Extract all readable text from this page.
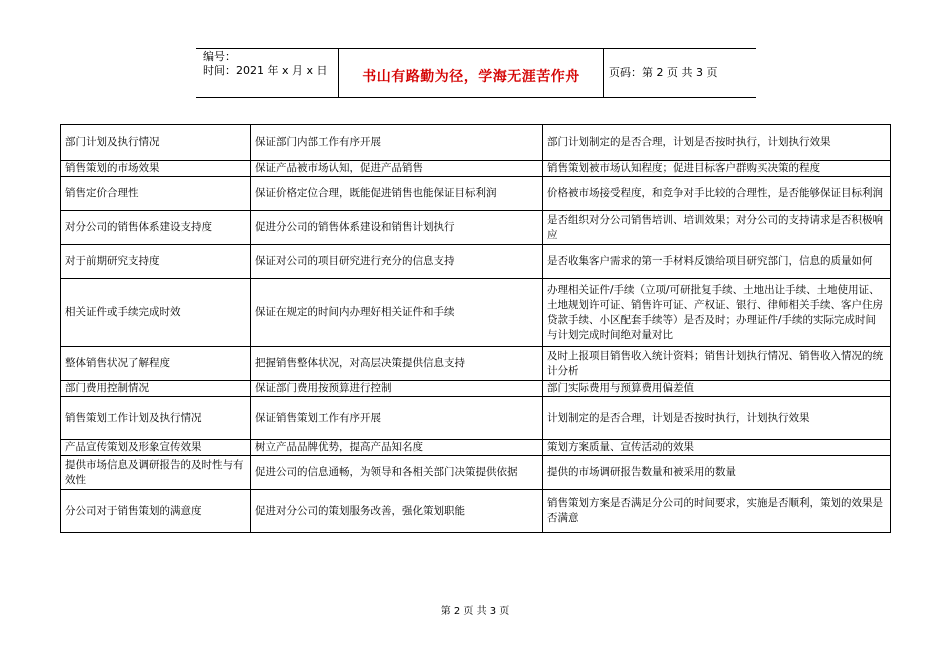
编号：
时间：2021 年 x 月 x 日	书山有路勤为径，学海无涯苦作舟	页码：第 2 页 共 3 页
部门计划及执行情况	保证部门内部工作有序开展	部门计划制定的是否合理，计划是否按时执行，计划执行效果
销售策划的市场效果	保证产品被市场认知，促进产品销售	销售策划被市场认知程度；促进目标客户群购买决策的程度
销售定价合理性	保证价格定位合理，既能促进销售也能保证目标利润	价格被市场接受程度，和竞争对手比较的合理性，是否能够保证目标利润
对分公司的销售体系建设支持度	促进分公司的销售体系建设和销售计划执行	是否组织对分公司销售培训、培训效果；对分公司的支持请求是否积极响应
对于前期研究支持度	保证对公司的项目研究进行充分的信息支持	是否收集客户需求的第一手材料反馈给项目研究部门，信息的质量如何
相关证件或手续完成时效	保证在规定的时间内办理好相关证件和手续	办理相关证件/手续（立项/可研批复手续、土地出让手续、土地使用证、土地规划许可证、销售许可证、产权证、银行、律师相关手续、客户住房贷款手续、小区配套手续等）是否及时；办理证件/手续的实际完成时间与计划完成时间绝对量对比
整体销售状况了解程度	把握销售整体状况，对高层决策提供信息支持	及时上报项目销售收入统计资料；销售计划执行情况、销售收入情况的统计分析
部门费用控制情况	保证部门费用按预算进行控制	部门实际费用与预算费用偏差值
销售策划工作计划及执行情况	保证销售策划工作有序开展	计划制定的是否合理，计划是否按时执行，计划执行效果
产品宣传策划及形象宣传效果	树立产品品牌优势，提高产品知名度	策划方案质量、宣传活动的效果
提供市场信息及调研报告的及时性与有效性	促进公司的信息通畅，为领导和各相关部门决策提供依据	提供的市场调研报告数量和被采用的数量
分公司对于销售策划的满意度	促进对分公司的策划服务改善，强化策划职能	销售策划方案是否满足分公司的时间要求，实施是否顺利，策划的效果是否满意
第 2 页 共 3 页
